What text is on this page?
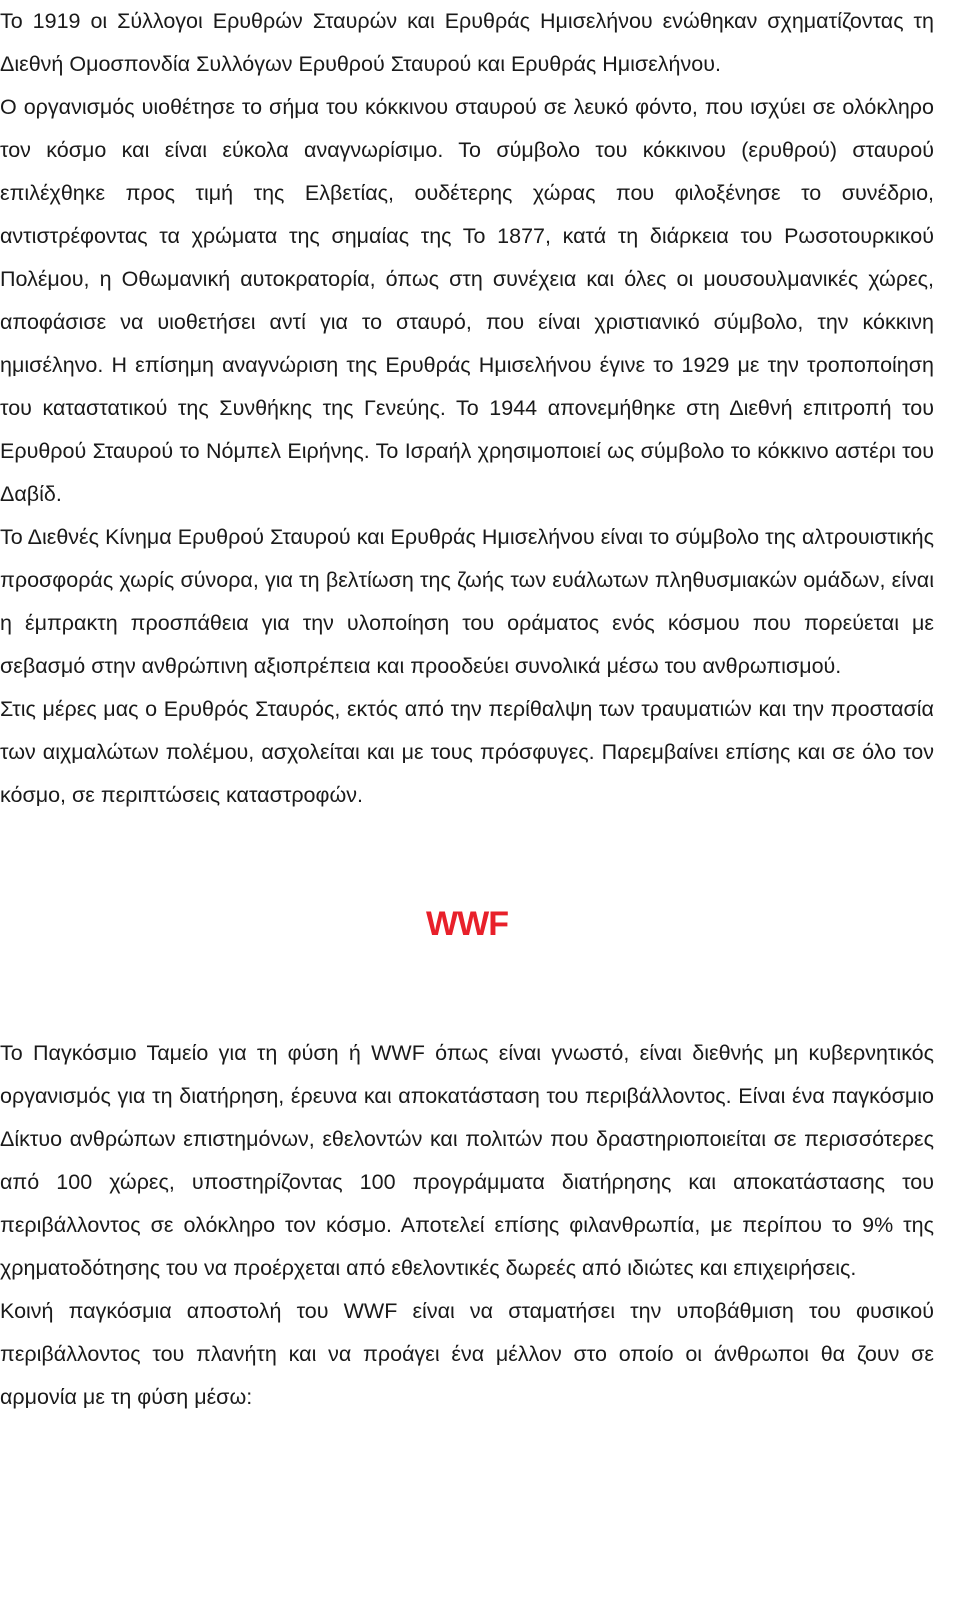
Το 1919 οι Σύλλογοι Ερυθρών Σταυρών και Ερυθράς Ημισελήνου ενώθηκαν σχηματίζοντας τη Διεθνή Ομοσπονδία Συλλόγων Ερυθρού Σταυρού και Ερυθράς Ημισελήνου.

Ο οργανισμός υιοθέτησε το σήμα του κόκκινου σταυρού σε λευκό φόντο, που ισχύει σε ολόκληρο τον κόσμο και είναι εύκολα αναγνωρίσιμο. Το σύμβολο του κόκκινου (ερυθρού) σταυρού επιλέχθηκε προς τιμή της Ελβετίας, ουδέτερης χώρας που φιλοξένησε το συνέδριο, αντιστρέφοντας τα χρώματα της σημαίας της Το 1877, κατά τη διάρκεια του Ρωσοτουρκικού Πολέμου, η Οθωμανική αυτοκρατορία, όπως στη συνέχεια και όλες οι μουσουλμανικές χώρες, αποφάσισε να υιοθετήσει αντί για το σταυρό, που είναι χριστιανικό σύμβολο, την κόκκινη ημισέληνο. Η επίσημη αναγνώριση της Ερυθράς Ημισελήνου έγινε το 1929 με την τροποποίηση του καταστατικού της Συνθήκης της Γενεύης. Το 1944 απονεμήθηκε στη Διεθνή επιτροπή του Ερυθρού Σταυρού το Νόμπελ Ειρήνης. Το Ισραήλ χρησιμοποιεί ως σύμβολο το κόκκινο αστέρι του Δαβίδ.

Το Διεθνές Κίνημα Ερυθρού Σταυρού και Ερυθράς Ημισελήνου είναι το σύμβολο της αλτρουιστικής προσφοράς χωρίς σύνορα, για τη βελτίωση της ζωής των ευάλωτων πληθυσμιακών ομάδων, είναι η έμπρακτη προσπάθεια για την υλοποίηση του οράματος ενός κόσμου που πορεύεται με σεβασμό στην ανθρώπινη αξιοπρέπεια και προοδεύει συνολικά μέσω του ανθρωπισμού.

Στις μέρες μας ο Ερυθρός Σταυρός, εκτός από την περίθαλψη των τραυματιών και την προστασία των αιχμαλώτων πολέμου, ασχολείται και με τους πρόσφυγες. Παρεμβαίνει επίσης και σε όλο τον κόσμο, σε περιπτώσεις καταστροφών.

WWF

Το Παγκόσμιο Ταμείο για τη φύση ή WWF όπως είναι γνωστό, είναι διεθνής μη κυβερνητικός οργανισμός για τη διατήρηση, έρευνα και αποκατάσταση του περιβάλλοντος. Είναι ένα παγκόσμιο Δίκτυο ανθρώπων επιστημόνων, εθελοντών και πολιτών που δραστηριοποιείται σε περισσότερες από 100 χώρες, υποστηρίζοντας 100 προγράμματα διατήρησης και αποκατάστασης του περιβάλλοντος σε ολόκληρο τον κόσμο. Αποτελεί επίσης φιλανθρωπία, με περίπου το 9% της χρηματοδότησης του να προέρχεται από εθελοντικές δωρεές από ιδιώτες και επιχειρήσεις.

Κοινή παγκόσμια αποστολή του WWF είναι να σταματήσει την υποβάθμιση του φυσικού περιβάλλοντος του πλανήτη και να προάγει ένα μέλλον στο οποίο οι άνθρωποι θα ζουν σε αρμονία με τη φύση μέσω:
